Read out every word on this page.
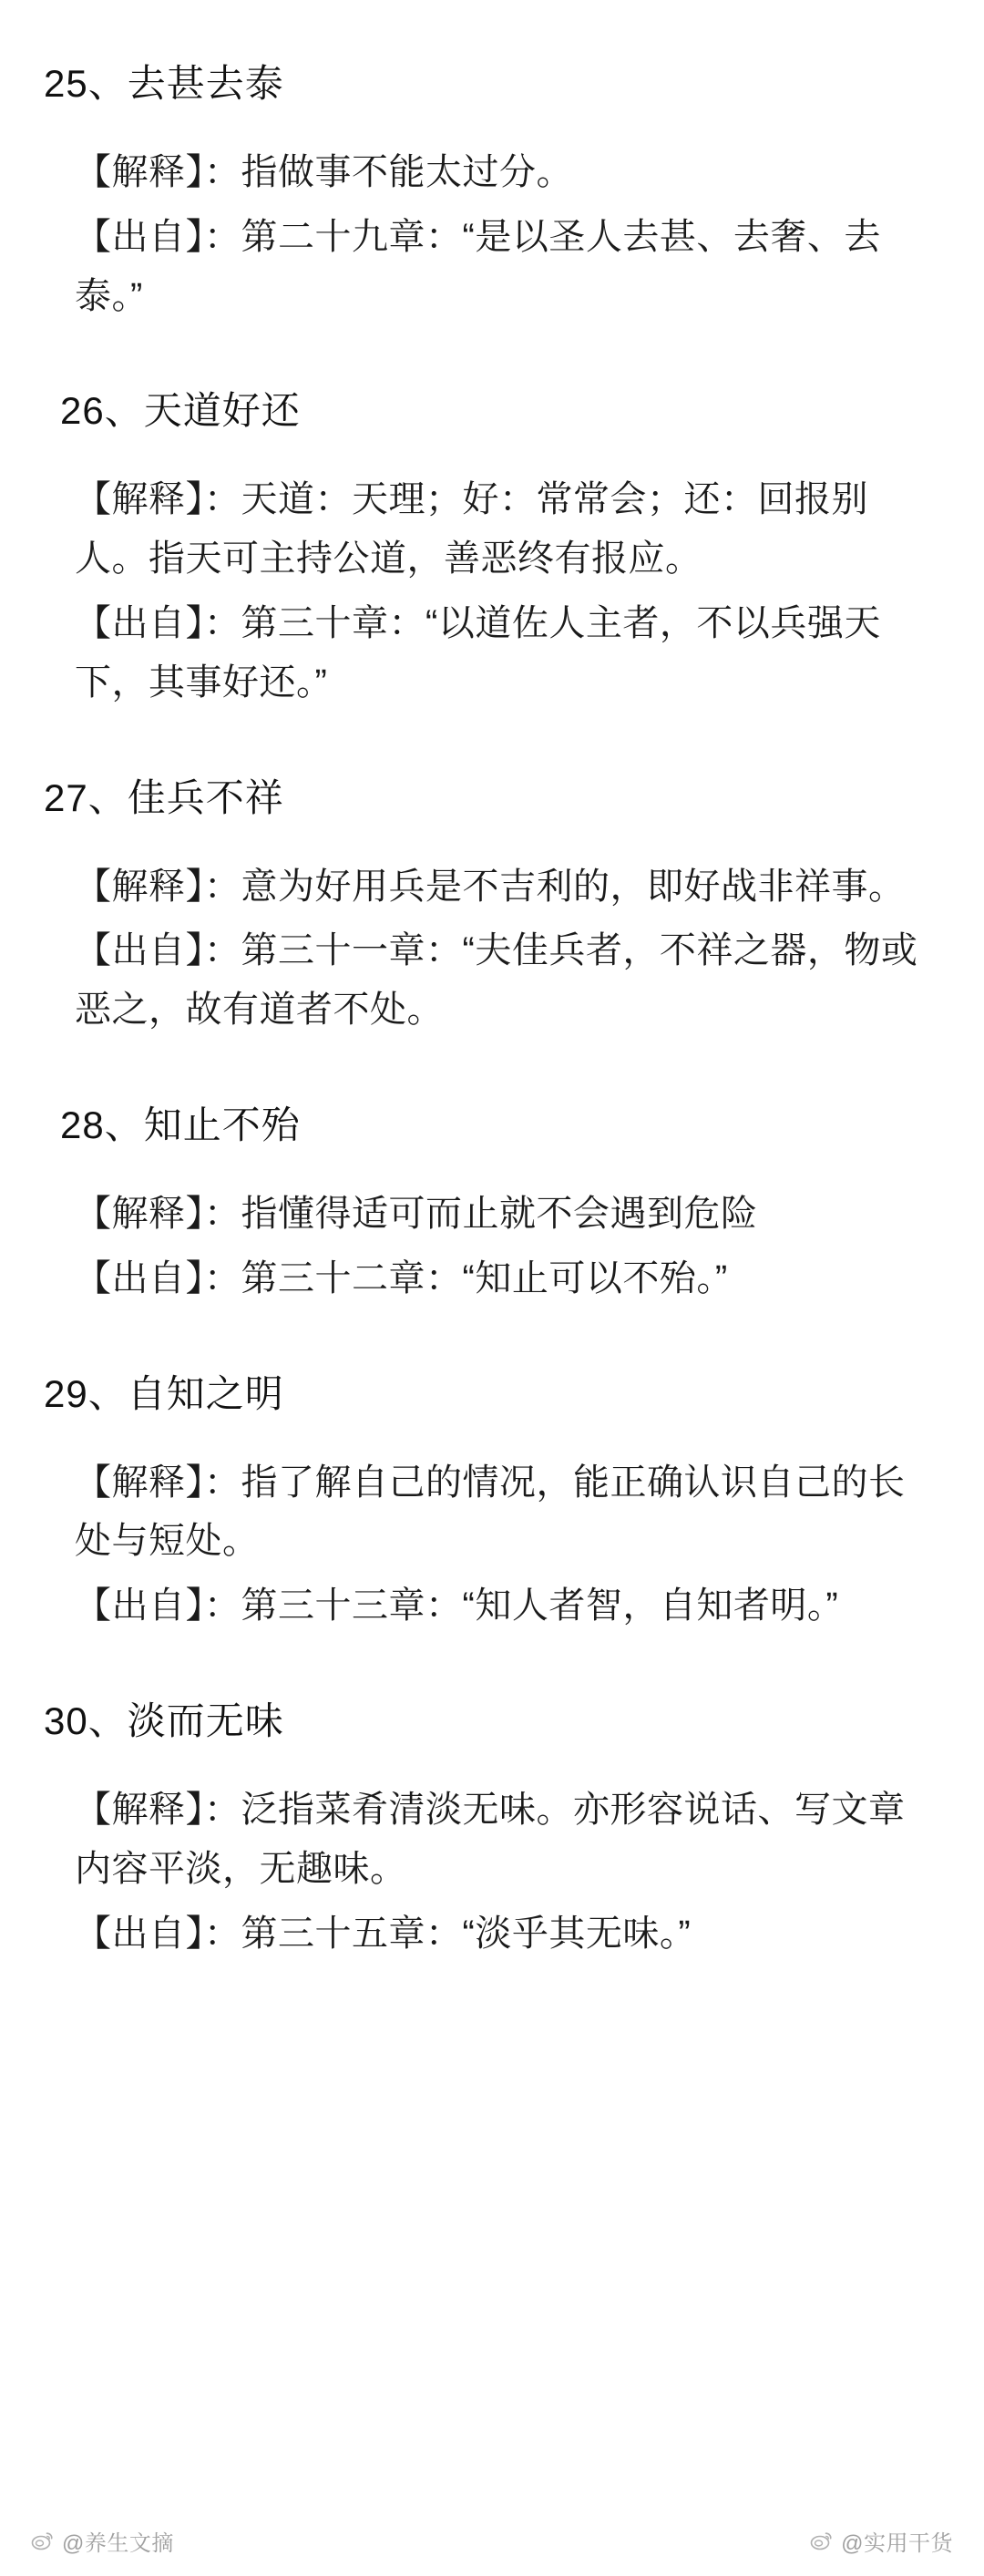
25、去甚去泰

【解释】：指做事不能太过分。

【出自】：第二十九章：“是以圣人去甚、去奢、去泰。”

26、天道好还

【解释】：天道：天理；好：常常会；还：回报别人。指天可主持公道，善恶终有报应。

【出自】：第三十章：“以道佐人主者，不以兵强天下，其事好还。”

27、佳兵不祥

【解释】：意为好用兵是不吉利的，即好战非祥事。

【出自】：第三十一章：“夫佳兵者，不祥之器，物或恶之，故有道者不处。

28、知止不殆

【解释】：指懂得适可而止就不会遇到危险

【出自】：第三十二章：“知止可以不殆。”

29、自知之明

【解释】：指了解自己的情况，能正确认识自己的长处与短处。

【出自】：第三十三章：“知人者智，自知者明。”

30、淡而无味

【解释】：泛指菜肴清淡无味。亦形容说话、写文章内容平淡，无趣味。

【出自】：第三十五章：“淡乎其无味。”

@养生文摘	@实用干货
